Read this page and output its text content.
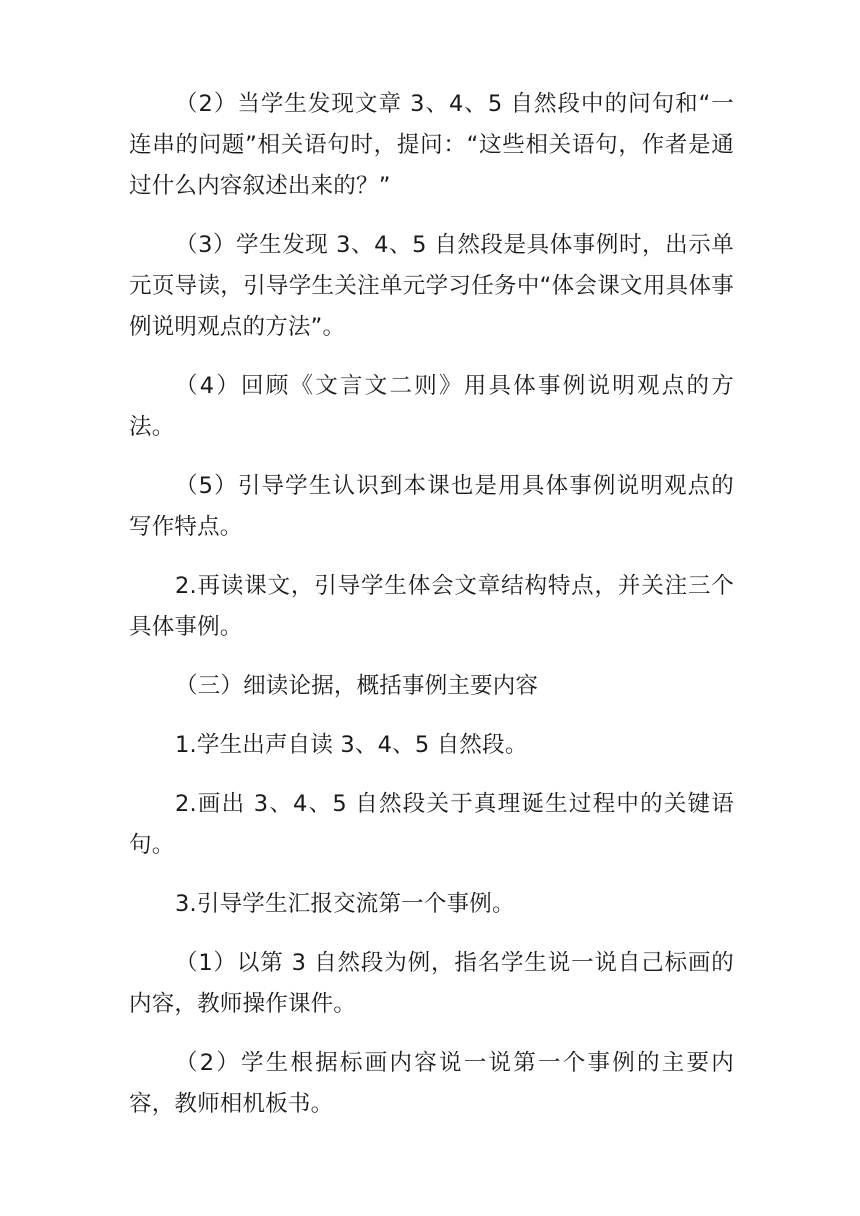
（2）当学生发现文章 3、4、5 自然段中的问句和“一连串的问题”相关语句时，提问：“这些相关语句，作者是通过什么内容叙述出来的？”

（3）学生发现 3、4、5 自然段是具体事例时，出示单元页导读，引导学生关注单元学习任务中“体会课文用具体事例说明观点的方法”。

（4）回顾《文言文二则》用具体事例说明观点的方法。

（5）引导学生认识到本课也是用具体事例说明观点的写作特点。

2.再读课文，引导学生体会文章结构特点，并关注三个具体事例。

（三）细读论据，概括事例主要内容

1.学生出声自读 3、4、5 自然段。

2.画出 3、4、5 自然段关于真理诞生过程中的关键语句。

3.引导学生汇报交流第一个事例。

（1）以第 3 自然段为例，指名学生说一说自己标画的内容，教师操作课件。

（2）学生根据标画内容说一说第一个事例的主要内容，教师相机板书。
